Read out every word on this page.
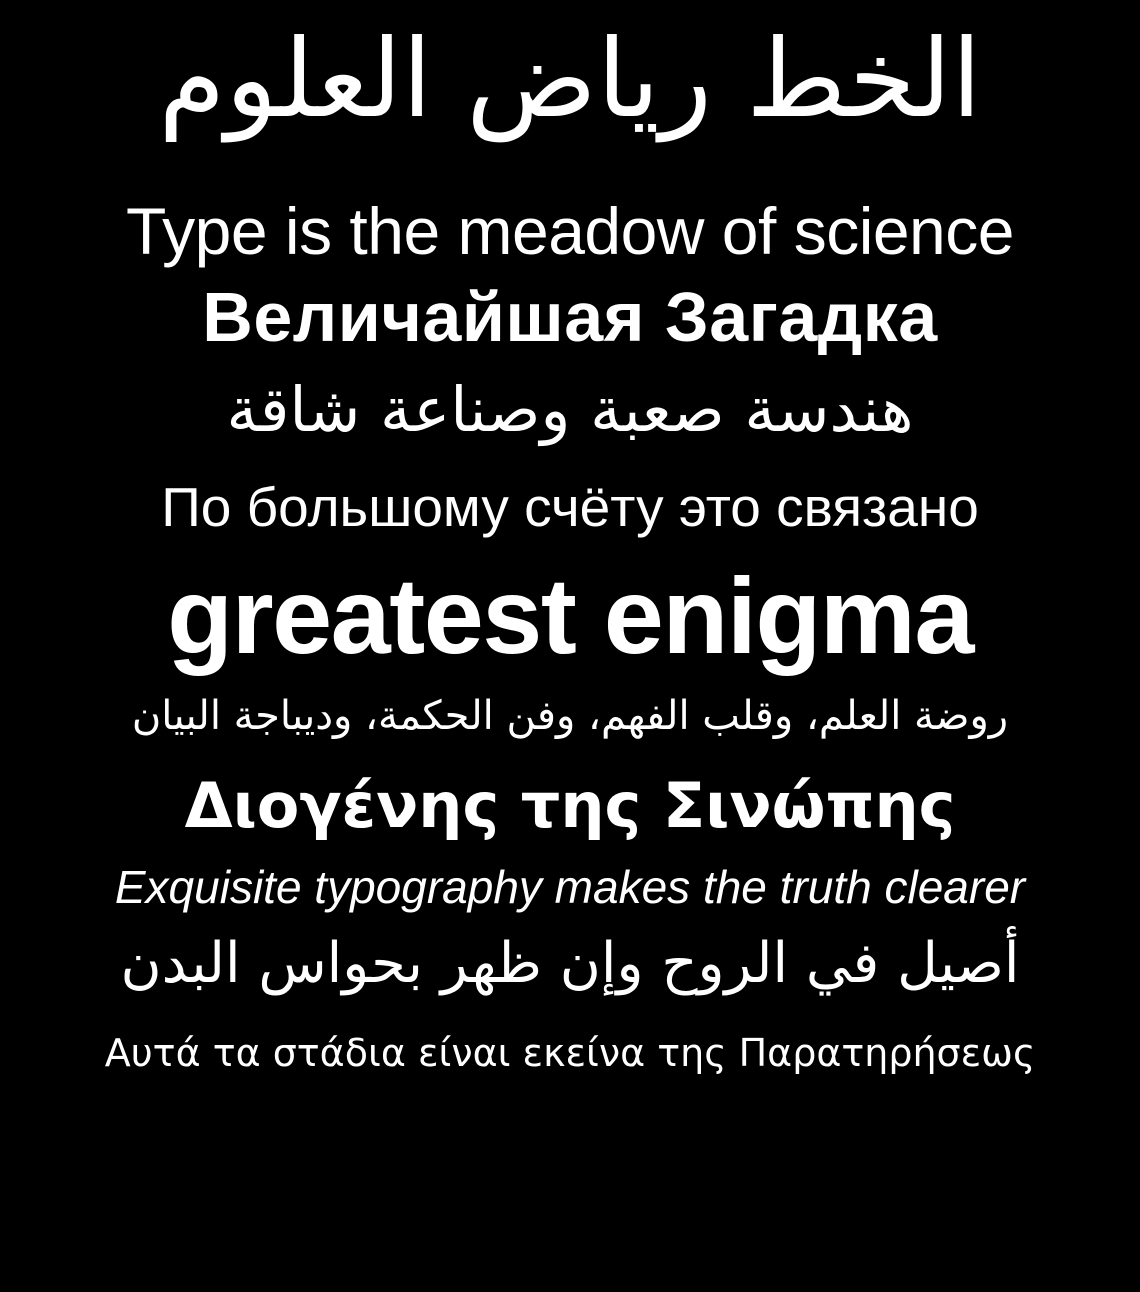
الخط رياض العلوم
Type is the meadow of science
Величайшая Загадка
هندسة صعبة وصناعة شاقة
По большому счёту это связано
greatest enigma
روضة العلم، وقلب الفهم، وفن الحكمة، وديباجة البيان
Διογένης της Σινώπης
Exquisite typography makes the truth clearer
أصيل في الروح وإن ظهر بحواس البدن
Αυτά τα στάδια είναι εκείνα της Παρατηρήσεως
